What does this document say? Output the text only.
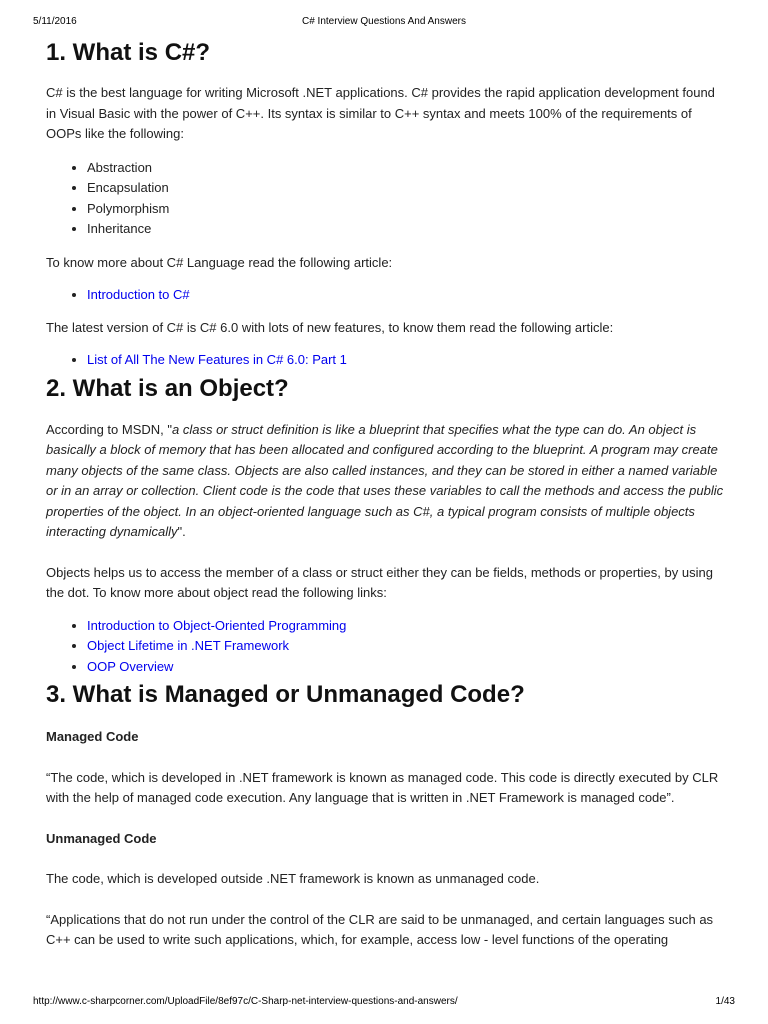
5/11/2016	C# Interview Questions And Answers
1. What is C#?

C# is the best language for writing Microsoft .NET applications. C# provides the rapid application development found in Visual Basic with the power of C++. Its syntax is similar to C++ syntax and meets 100% of the requirements of OOPs like the following:

• Abstraction
• Encapsulation
• Polymorphism
• Inheritance

To know more about C# Language read the following article:

• Introduction to C#

The latest version of C# is C# 6.0 with lots of new features, to know them read the following article:

• List of All The New Features in C# 6.0: Part 1
2. What is an Object?

According to MSDN, "a class or struct definition is like a blueprint that specifies what the type can do. An object is basically a block of memory that has been allocated and configured according to the blueprint. A program may create many objects of the same class. Objects are also called instances, and they can be stored in either a named variable or in an array or collection. Client code is the code that uses these variables to call the methods and access the public properties of the object. In an object-oriented language such as C#, a typical program consists of multiple objects interacting dynamically".

Objects helps us to access the member of a class or struct either they can be fields, methods or properties, by using the dot. To know more about object read the following links:

• Introduction to Object-Oriented Programming
• Object Lifetime in .NET Framework
• OOP Overview
3. What is Managed or Unmanaged Code?

Managed Code

“The code, which is developed in .NET framework is known as managed code. This code is directly executed by CLR with the help of managed code execution. Any language that is written in .NET Framework is managed code”.

Unmanaged Code

The code, which is developed outside .NET framework is known as unmanaged code.

“Applications that do not run under the control of the CLR are said to be unmanaged, and certain languages such as C++ can be used to write such applications, which, for example, access low - level functions of the operating

http://www.c-sharpcorner.com/UploadFile/8ef97c/C-Sharp-net-interview-questions-and-answers/	1/43
